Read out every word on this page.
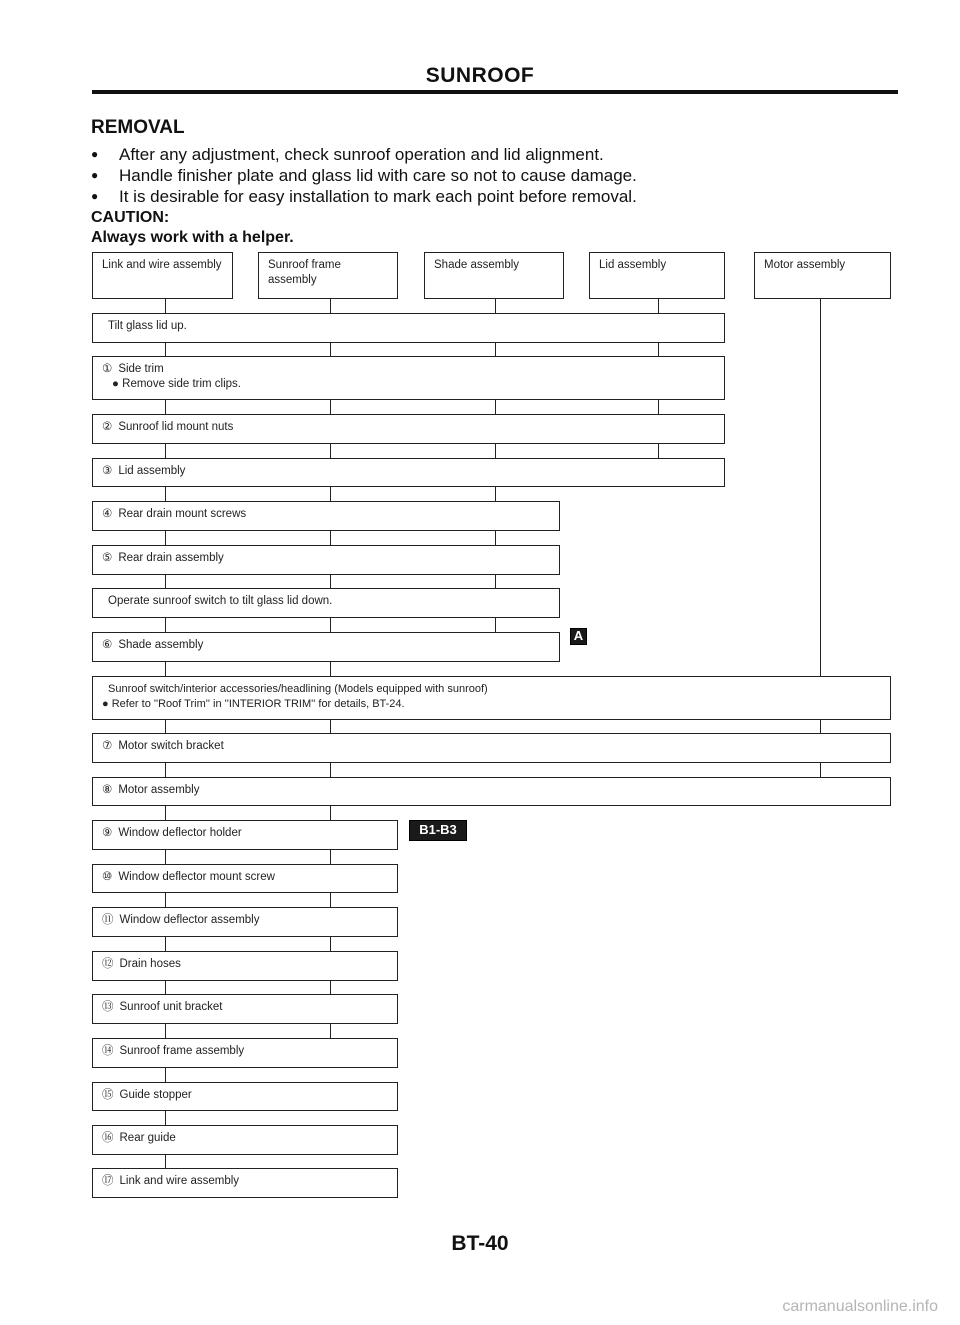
SUNROOF
REMOVAL
● After any adjustment, check sunroof operation and lid alignment.
● Handle finisher plate and glass lid with care so not to cause damage.
● It is desirable for easy installation to mark each point before removal.
CAUTION:
Always work with a helper.
Link and wire assembly	Sunroof frame assembly
Shade assembly	Lid assembly	Motor assembly
Tilt glass lid up.
① Side trim
● Remove side trim clips.
② Sunroof lid mount nuts
③ Lid assembly
④ Rear drain mount screws
⑤ Rear drain assembly
Operate sunroof switch to tilt glass lid down.
⑥ Shade assembly
Sunroof switch/interior accessories/headlining (Models equipped with sunroof)
● Refer to ''Roof Trim'' in ''INTERIOR TRIM'' for details, BT-24.
⑦ Motor switch bracket
⑧ Motor assembly
⑨ Window deflector holder
⑩ Window deflector mount screw
⑪ Window deflector assembly
⑫ Drain hoses
⑬ Sunroof unit bracket
⑭ Sunroof frame assembly
⑮ Guide stopper
⑯ Rear guide
⑰ Link and wire assembly
A
B1-B3
BT-40
carmanualsonline.info
